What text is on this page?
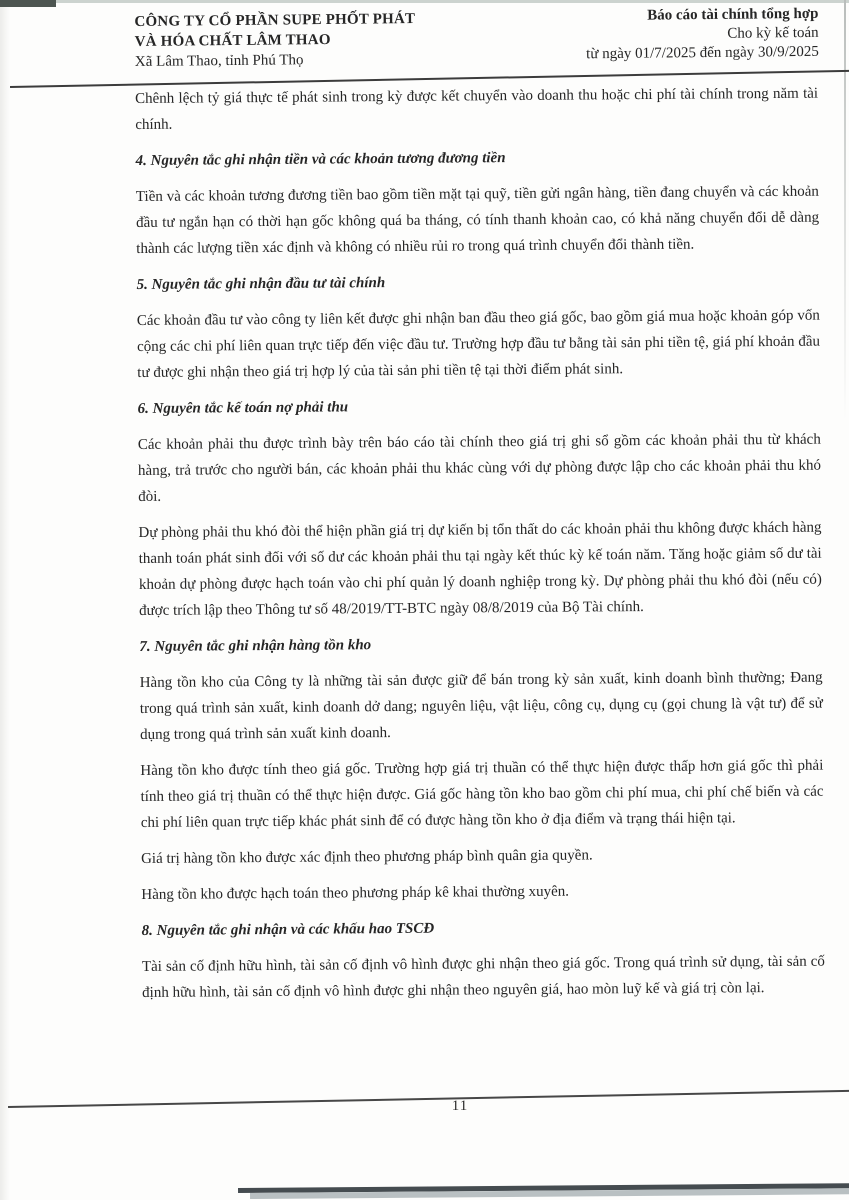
CÔNG TY CỔ PHẦN SUPE PHỐT PHÁT
VÀ HÓA CHẤT LÂM THAO
Xã Lâm Thao, tỉnh Phú Thọ
Báo cáo tài chính tổng hợp
Cho kỳ kế toán
từ ngày 01/7/2025 đến ngày 30/9/2025
Chênh lệch tỷ giá thực tế phát sinh trong kỳ được kết chuyển vào doanh thu hoặc chi phí tài chính trong năm tài chính.
4. Nguyên tắc ghi nhận tiền và các khoản tương đương tiền
Tiền và các khoản tương đương tiền bao gồm tiền mặt tại quỹ, tiền gửi ngân hàng, tiền đang chuyển và các khoản đầu tư ngắn hạn có thời hạn gốc không quá ba tháng, có tính thanh khoản cao, có khả năng chuyển đổi dễ dàng thành các lượng tiền xác định và không có nhiều rủi ro trong quá trình chuyển đổi thành tiền.
5. Nguyên tắc ghi nhận đầu tư tài chính
Các khoản đầu tư vào công ty liên kết được ghi nhận ban đầu theo giá gốc, bao gồm giá mua hoặc khoản góp vốn cộng các chi phí liên quan trực tiếp đến việc đầu tư. Trường hợp đầu tư bằng tài sản phi tiền tệ, giá phí khoản đầu tư được ghi nhận theo giá trị hợp lý của tài sản phi tiền tệ tại thời điểm phát sinh.
6. Nguyên tắc kế toán nợ phải thu
Các khoản phải thu được trình bày trên báo cáo tài chính theo giá trị ghi sổ gồm các khoản phải thu từ khách hàng, trả trước cho người bán, các khoản phải thu khác cùng với dự phòng được lập cho các khoản phải thu khó đòi.
Dự phòng phải thu khó đòi thể hiện phần giá trị dự kiến bị tổn thất do các khoản phải thu không được khách hàng thanh toán phát sinh đối với số dư các khoản phải thu tại ngày kết thúc kỳ kế toán năm. Tăng hoặc giảm số dư tài khoản dự phòng được hạch toán vào chi phí quản lý doanh nghiệp trong kỳ. Dự phòng phải thu khó đòi (nếu có) được trích lập theo Thông tư số 48/2019/TT-BTC ngày 08/8/2019 của Bộ Tài chính.
7. Nguyên tắc ghi nhận hàng tồn kho
Hàng tồn kho của Công ty là những tài sản được giữ để bán trong kỳ sản xuất, kinh doanh bình thường; Đang trong quá trình sản xuất, kinh doanh dở dang; nguyên liệu, vật liệu, công cụ, dụng cụ (gọi chung là vật tư) để sử dụng trong quá trình sản xuất kinh doanh.
Hàng tồn kho được tính theo giá gốc. Trường hợp giá trị thuần có thể thực hiện được thấp hơn giá gốc thì phải tính theo giá trị thuần có thể thực hiện được. Giá gốc hàng tồn kho bao gồm chi phí mua, chi phí chế biến và các chi phí liên quan trực tiếp khác phát sinh để có được hàng tồn kho ở địa điểm và trạng thái hiện tại.
Giá trị hàng tồn kho được xác định theo phương pháp bình quân gia quyền.
Hàng tồn kho được hạch toán theo phương pháp kê khai thường xuyên.
8. Nguyên tắc ghi nhận và các khấu hao TSCĐ
Tài sản cố định hữu hình, tài sản cố định vô hình được ghi nhận theo giá gốc. Trong quá trình sử dụng, tài sản cố định hữu hình, tài sản cố định vô hình được ghi nhận theo nguyên giá, hao mòn luỹ kế và giá trị còn lại.
11
